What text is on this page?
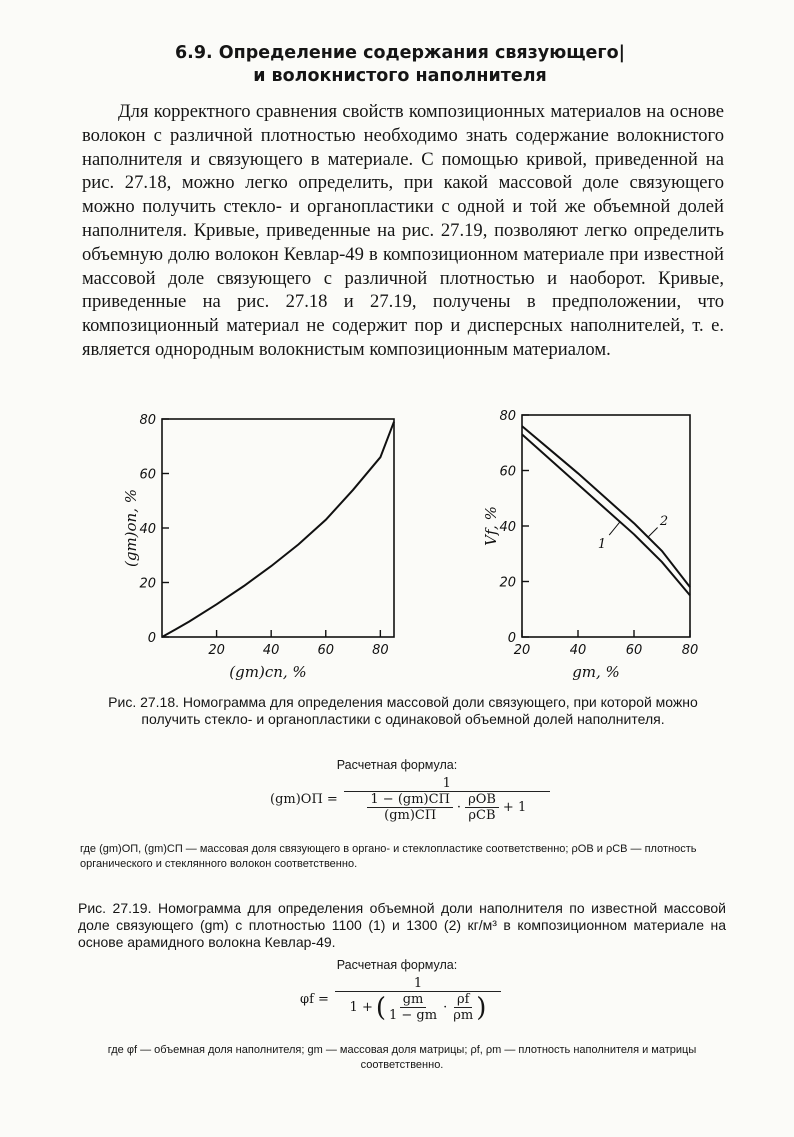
6.9. Определение содержания связующего|
и волокнистого наполнителя

Для корректного сравнения свойств композиционных материалов на основе волокон с различной плотностью необходимо знать содержание волокнистого наполнителя и связующего в материале. С помощью кривой, приведенной на рис. 27.18, можно легко определить, при какой массовой доле связующего можно получить стекло- и органопластики с одной и той же объемной долей наполнителя. Кривые, приведенные на рис. 27.19, позволяют легко определить объемную долю волокон Кевлар-49 в композиционном материале при известной массовой доле связующего с различной плотностью и наоборот. Кривые, приведенные на рис. 27.18 и 27.19, получены в предположении, что композиционный материал не содержит пор и дисперсных наполнителей, т. е. является однородным волокнистым композиционным материалом.

0
20
40
60
80
20	40	60	80
(gm)сп, %
(gm)оп, %
0
20
40
60
80
20	40	60	80
gm, %
Vf, %	1
2

Рис. 27.18. Номограмма для определения массовой доли связующего, при которой можно получить стекло- и органопластики с одинаковой объемной долей наполнителя.

Расчетная формула:
(gm)ОП =
1
$\frac{1 - (gm)СП}{(gm)СП} \cdot \frac{\text{ρОВ}}{\text{ρСВ}} + 1$

где (gm)ОП, (gm)СП — массовая доля связующего в органо- и стеклопластике соответственно; ρОВ и ρСВ — плотность органического и стеклянного волокон соответственно.

Рис. 27.19. Номограмма для определения объемной доли наполнителя по известной массовой доле связующего (gm) с плотностью 1100 (1) и 1300 (2) кг/м³ в композиционном материале на основе арамидного волокна Кевлар-49.

Расчетная формула:
φf =
1
1 + ( $\frac{gm}{1 - gm} \cdot \frac{\rho f}{\rho m}$ )

где φf — объемная доля наполнителя; gm — массовая доля матрицы; ρf, ρm — плотность наполнителя и матрицы соответственно.
